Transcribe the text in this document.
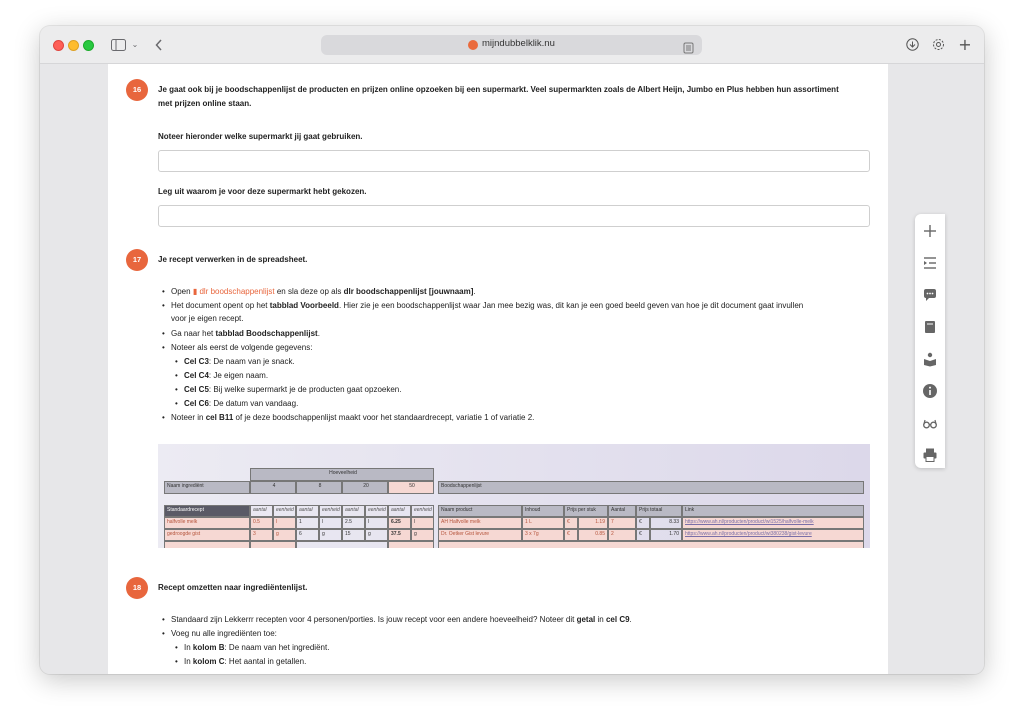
⌄	mijndubbelklik.nu	+
16	Je gaat ook bij je boodschappenlijst de producten en prijzen online opzoeken bij een supermarkt. Veel supermarkten zoals de Albert Heijn, Jumbo en Plus hebben hun assortiment met prijzen online staan.
Noteer hieronder welke supermarkt jij gaat gebruiken.
Leg uit waarom je voor deze supermarkt hebt gekozen.
17	Je recept verwerken in de spreadsheet.
• Open ▮ dlr boodschappenlijst en sla deze op als dlr boodschappenlijst [jouwnaam].
• Het document opent op het tabblad Voorbeeld. Hier zie je een boodschappenlijst waar Jan mee bezig was, dit kan je een goed beeld geven van hoe je dit document gaat invullen
voor je eigen recept.
• Ga naar het tabblad Boodschappenlijst.
• Noteer als eerst de volgende gegevens:
• Cel C3: De naam van je snack.
• Cel C4: Je eigen naam.
• Cel C5: Bij welke supermarkt je de producten gaat opzoeken.
• Cel C6: De datum van vandaag.
• Noteer in cel B11 of je deze boodschappenlijst maakt voor het standaardrecept, variatie 1 of variatie 2.
Hoeveelheid
Naam ingrediënt	4	8	20	50	Boodschappenlijst
Standaardrecept	aantal	eenheid	aantal	eenheid	aantal	eenheid	aantal	eenheid	Naam product	Inhoud	Prijs per stuk	Aantal	Prijs totaal	Link
halfvolle melk	0.5	l	1	l	2.5	l	6.25	l	AH Halfvolle melk	1 L	€	1.19	7	€	8.33	https://www.ah.nl/producten/product/wi1525/halfvolle-melk
gedroogde gist	3	g	6	g	15	g	37.5	g	Dr. Oetker Gist levure	3 x 7g	€	0.85	2	€	1.70	https://www.ah.nl/producten/product/wi380238/gist-levure
18	Recept omzetten naar ingrediëntenlijst.
• Standaard zijn Lekkerrr recepten voor 4 personen/porties. Is jouw recept voor een andere hoeveelheid? Noteer dit getal in cel C9.
• Voeg nu alle ingrediënten toe:
• In kolom B: De naam van het ingrediënt.
• In kolom C: Het aantal in getallen.
